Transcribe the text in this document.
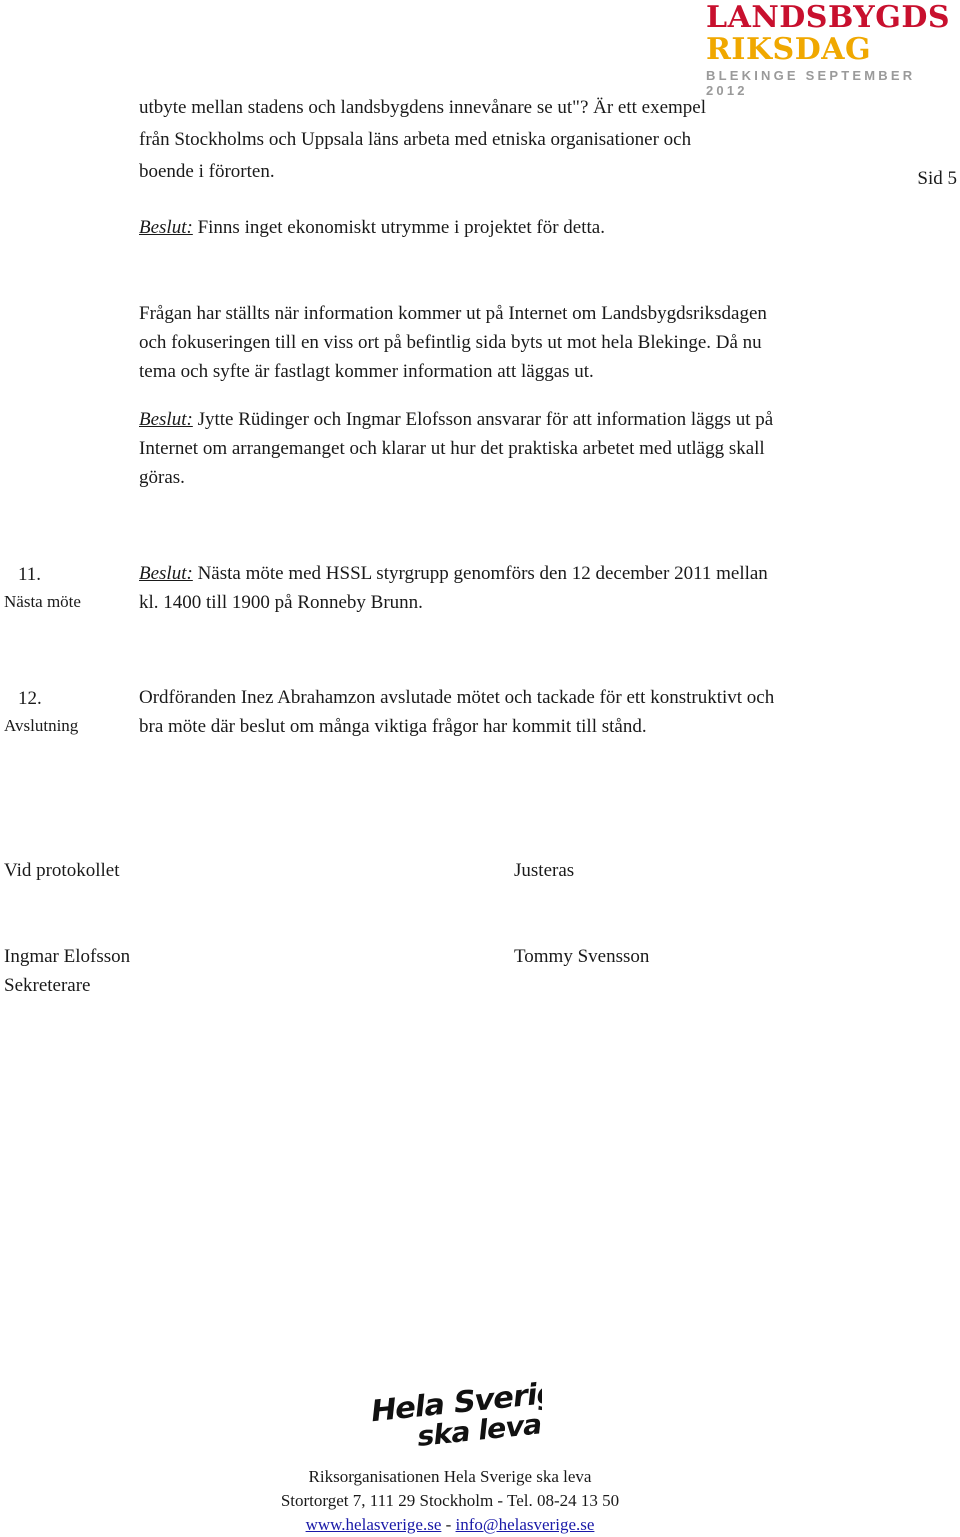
LANDSBYGDS
RIKSDAG
BLEKINGE SEPTEMBER 2012
Sid 5
utbyte mellan stadens och landsbygdens innevånare se ut"? Är ett exempel
från Stockholms och Uppsala läns arbeta med etniska organisationer och
boende i förorten.
Beslut: Finns inget ekonomiskt utrymme i projektet för detta.
Frågan har ställts när information kommer ut på Internet om Landsbygdsriksdagen
och fokuseringen till en viss ort på befintlig sida byts ut mot hela Blekinge. Då nu
tema och syfte är fastlagt kommer information att läggas ut.
Beslut: Jytte Rüdinger och Ingmar Elofsson ansvarar för att information läggs ut på
Internet om arrangemanget och klarar ut hur det praktiska arbetet med utlägg skall
göras.
11.
Nästa möte
Beslut: Nästa möte med HSSL styrgrupp genomförs den 12 december 2011 mellan
kl. 1400 till 1900 på Ronneby Brunn.
12.
Avslutning
Ordföranden Inez Abrahamzon avslutade mötet och tackade för ett konstruktivt och
bra möte där beslut om många viktiga frågor har kommit till stånd.
Vid protokollet	Justeras
Ingmar Elofsson
Sekreterare
Tommy Svensson
Hela Sverige
ska leva!
Riksorganisationen Hela Sverige ska leva
Stortorget 7, 111 29 Stockholm - Tel. 08-24 13 50
www.helasverige.se - info@helasverige.se
